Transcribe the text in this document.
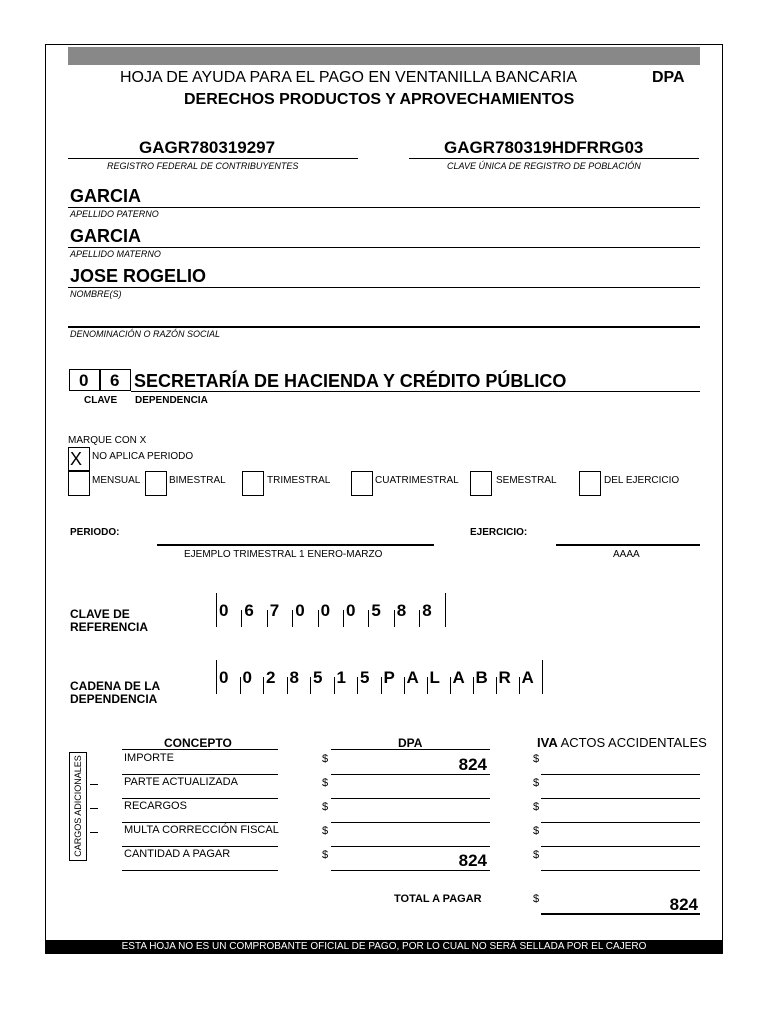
HOJA DE AYUDA PARA EL PAGO EN VENTANILLA BANCARIA	DPA
DERECHOS PRODUCTOS Y APROVECHAMIENTOS
GAGR780319297
REGISTRO FEDERAL DE CONTRIBUYENTES
GAGR780319HDFRRG03
CLAVE ÚNICA DE REGISTRO DE POBLACIÓN
GARCIA
APELLIDO PATERNO
GARCIA
APELLIDO MATERNO
JOSE ROGELIO
NOMBRE(S)
DENOMINACIÓN O RAZÓN SOCIAL
0 6 SECRETARÍA DE HACIENDA Y CRÉDITO PÚBLICO
CLAVE DEPENDENCIA
MARQUE CON X
X NO APLICA PERIODO
MENSUAL	BIMESTRAL	TRIMESTRAL	CUATRIMESTRAL	SEMESTRAL	DEL EJERCICIO
PERIODO:
EJEMPLO TRIMESTRAL 1 ENERO-MARZO
EJERCICIO:
AAAA
CLAVE DE
REFERENCIA
0 6 7 0 0 0 5 8 8
CADENA DE LA
DEPENDENCIA
0 0 2 8 5 1 5 P A L A B R A
CONCEPTO	DPA	IVA ACTOS ACCIDENTALES
CARGOS ADICIONALES	IMPORTE	$	824	$
PARTE ACTUALIZADA	$	$
RECARGOS	$	$
MULTA CORRECCIÓN FISCAL	$	$
CANTIDAD A PAGAR	$	824	$
TOTAL A PAGAR	$	824
ESTA HOJA NO ES UN COMPROBANTE OFICIAL DE PAGO, POR LO CUAL NO SERÁ SELLADA POR EL CAJERO
